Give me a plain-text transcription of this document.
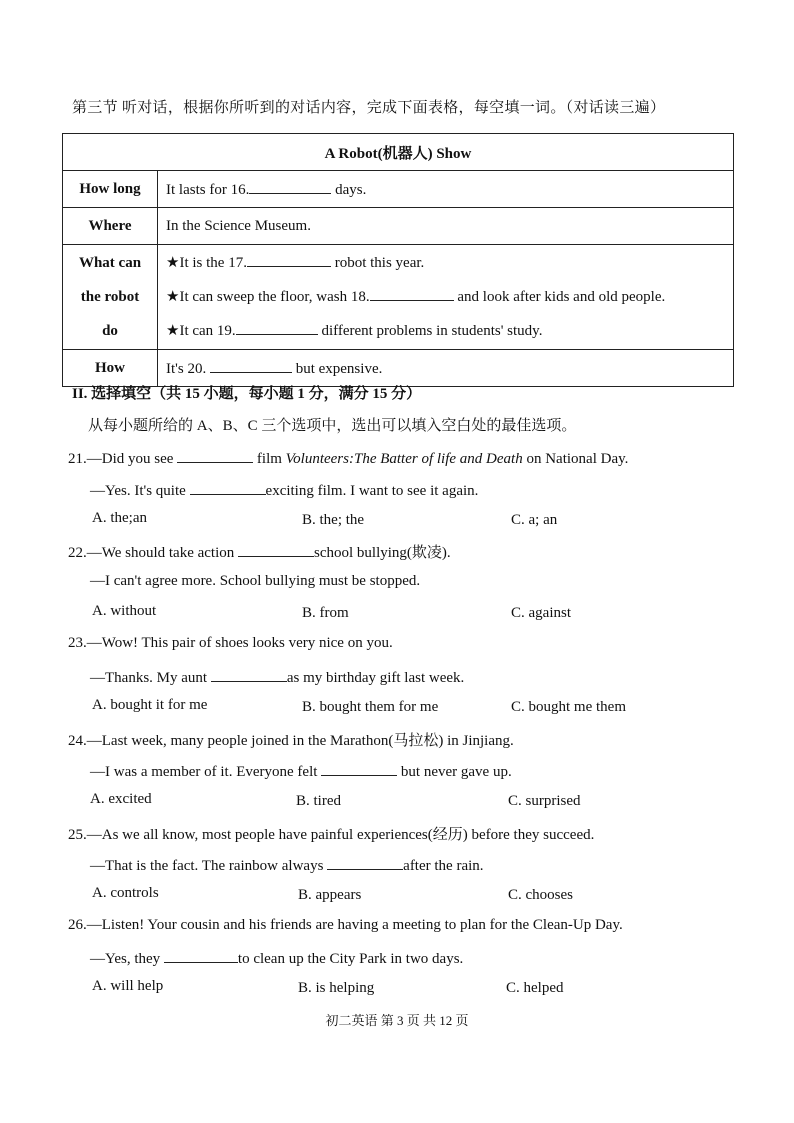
第三节 听对话，根据你所听到的对话内容，完成下面表格，每空填一词。（对话读三遍）
A Robot(机器人) Show	
How long	It lasts for 16. days.
Where	In the Science Museum.

What can
the robot
do	★It is the 17. robot this year.
★It can sweep the floor, wash 18. and look after kids and old people.
★It can 19. different problems in students' study.

How	It's 20. but expensive.
II. 选择填空（共 15 小题，每小题 1 分，满分 15 分）
从每小题所给的 A、B、C 三个选项中，选出可以填入空白处的最佳选项。
21.—Did you see	film Volunteers:The Batter of life and Death on National Day.
—Yes. It's quite	exciting film. I want to see it again.
A. the;an	B. the; the	C. a; an
22.—We should take action	school bullying(欺凌).
—I can't agree more. School bullying must be stopped.
A. without	B. from	C. against
23.—Wow! This pair of shoes looks very nice on you.
—Thanks. My aunt	as my birthday gift last week.
A. bought it for me	B. bought them for me	C. bought me them
24.—Last week, many people joined in the Marathon(马拉松) in Jinjiang.
—I was a member of it. Everyone felt	but never gave up.
A. excited	B. tired	C. surprised
25.—As we all know, most people have painful experiences(经历) before they succeed.
—That is the fact. The rainbow always	after the rain.
A. controls	B. appears	C. chooses
26.—Listen! Your cousin and his friends are having a meeting to plan for the Clean-Up Day.
—Yes, they	to clean up the City Park in two days.
A. will help	B. is helping	C. helped
初二英语 第 3 页 共 12 页
